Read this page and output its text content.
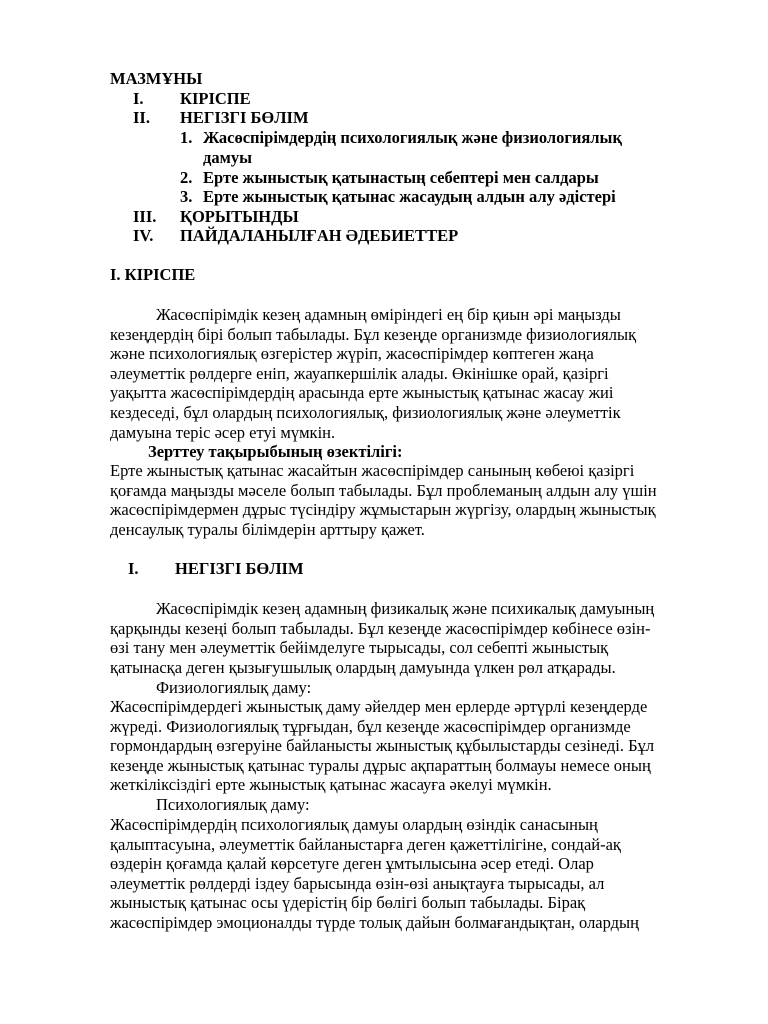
МАЗМҰНЫ
I. КІРІСПЕ
II. НЕГІЗГІ БӨЛІМ
1. Жасөспірімдердің психологиялық және физиологиялық
дамуы
2. Ерте жыныстық қатынастың себептері мен салдары
3. Ерте жыныстық қатынас жасаудың алдын алу әдістері
III. ҚОРЫТЫНДЫ
IV. ПАЙДАЛАНЫЛҒАН ӘДЕБИЕТТЕР
I. КІРІСПЕ
Жасөспірімдік кезең адамның өміріндегі ең бір қиын әрі маңызды
кезеңдердің бірі болып табылады. Бұл кезеңде организмде физиологиялық
және психологиялық өзгерістер жүріп, жасөспірімдер көптеген жаңа
әлеуметтік рөлдерге еніп, жауапкершілік алады. Өкінішке орай, қазіргі
уақытта жасөспірімдердің арасында ерте жыныстық қатынас жасау жиі
кездеседі, бұл олардың психологиялық, физиологиялық және әлеуметтік
дамуына теріс әсер етуі мүмкін.
Зерттеу тақырыбының өзектілігі:
Ерте жыныстық қатынас жасайтын жасөспірімдер санының көбеюі қазіргі
қоғамда маңызды мәселе болып табылады. Бұл проблеманың алдын алу үшін
жасөспірімдермен дұрыс түсіндіру жұмыстарын жүргізу, олардың жыныстық
денсаулық туралы білімдерін арттыру қажет.
I. НЕГІЗГІ БӨЛІМ
Жасөспірімдік кезең адамның физикалық және психикалық дамуының
қарқынды кезеңі болып табылады. Бұл кезеңде жасөспірімдер көбінесе өзін-
өзі тану мен әлеуметтік бейімделуге тырысады, сол себепті жыныстық
қатынасқа деген қызығушылық олардың дамуында үлкен рөл атқарады.
Физиологиялық даму:
Жасөспірімдердегі жыныстық даму әйелдер мен ерлерде әртүрлі кезеңдерде
жүреді. Физиологиялық тұрғыдан, бұл кезеңде жасөспірімдер организмде
гормондардың өзгеруіне байланысты жыныстық құбылыстарды сезінеді. Бұл
кезеңде жыныстық қатынас туралы дұрыс ақпараттың болмауы немесе оның
жеткіліксіздігі ерте жыныстық қатынас жасауға әкелуі мүмкін.
Психологиялық даму:
Жасөспірімдердің психологиялық дамуы олардың өзіндік санасының
қалыптасуына, әлеуметтік байланыстарға деген қажеттілігіне, сондай-ақ
өздерін қоғамда қалай көрсетуге деген ұмтылысына әсер етеді. Олар
әлеуметтік рөлдерді іздеу барысында өзін-өзі анықтауға тырысады, ал
жыныстық қатынас осы үдерістің бір бөлігі болып табылады. Бірақ
жасөспірімдер эмоционалды түрде толық дайын болмағандықтан, олардың
